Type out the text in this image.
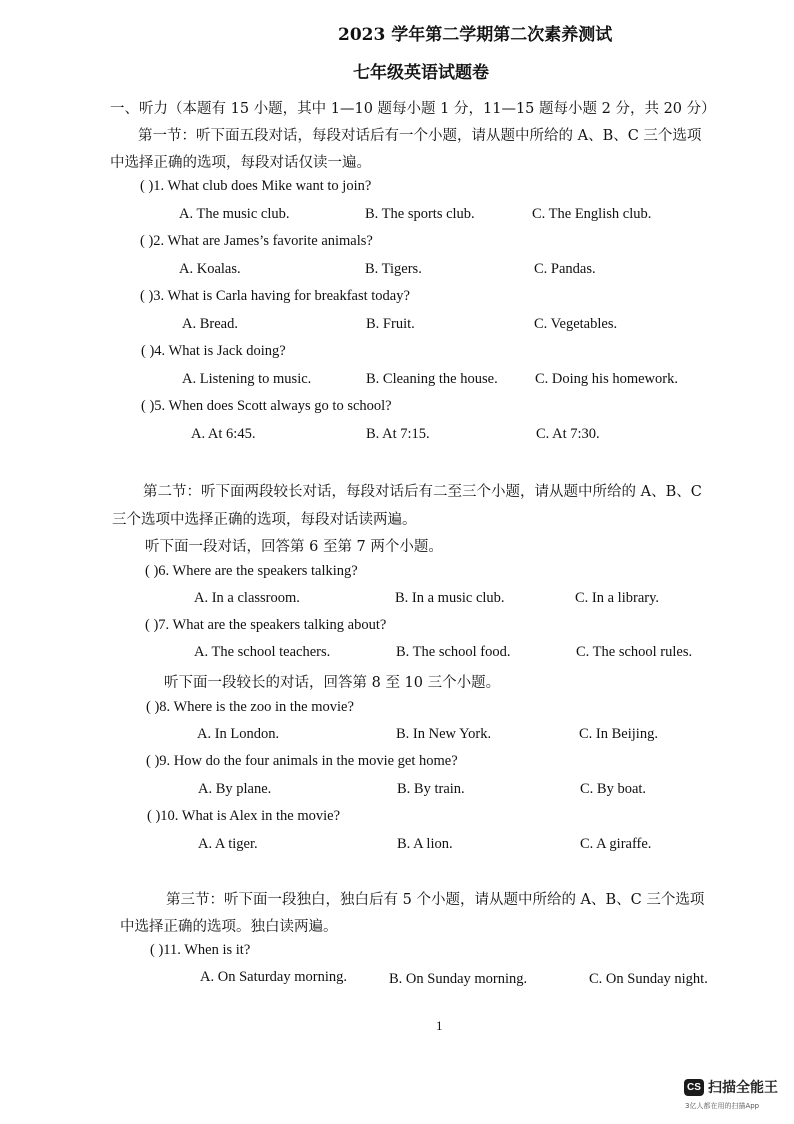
2023 学年第二学期第二次素养测试
七年级英语试题卷
一、听力（本题有 15 小题，其中 1—10 题每小题 1 分，11—15 题每小题 2 分，共 20 分）
第一节：听下面五段对话，每段对话后有一个小题，请从题中所给的 A、B、C 三个选项
中选择正确的选项，每段对话仅读一遍。
( )1. What club does Mike want to join?
A. The music club.	B. The sports club.	C. The English club.
( )2. What are James’s favorite animals?
A. Koalas.	B. Tigers.	C. Pandas.
( )3. What is Carla having for breakfast today?
A. Bread.	B. Fruit.	C. Vegetables.
( )4. What is Jack doing?
A. Listening to music.	B. Cleaning the house.	C. Doing his homework.
( )5. When does Scott always go to school?
A. At 6:45.	B. At 7:15.	C. At 7:30.
第二节：听下面两段较长对话，每段对话后有二至三个小题，请从题中所给的 A、B、C
三个选项中选择正确的选项，每段对话读两遍。
听下面一段对话，回答第 6 至第 7 两个小题。
( )6. Where are the speakers talking?
A. In a classroom.	B. In a music club.	C. In a library.
( )7. What are the speakers talking about?
A. The school teachers.	B. The school food.	C. The school rules.
听下面一段较长的对话，回答第 8 至 10 三个小题。
( )8. Where is the zoo in the movie?
A. In London.	B. In New York.	C. In Beijing.
( )9. How do the four animals in the movie get home?
A. By plane.	B. By train.	C. By boat.
( )10. What is Alex in the movie?
A. A tiger.	B. A lion.	C. A giraffe.
第三节：听下面一段独白，独白后有 5 个小题，请从题中所给的 A、B、C 三个选项
中选择正确的选项。独白读两遍。
( )11. When is it?
A. On Saturday morning.	B. On Sunday morning.	C. On Sunday night.
1
CS 扫描全能王
3亿人都在用的扫描App
